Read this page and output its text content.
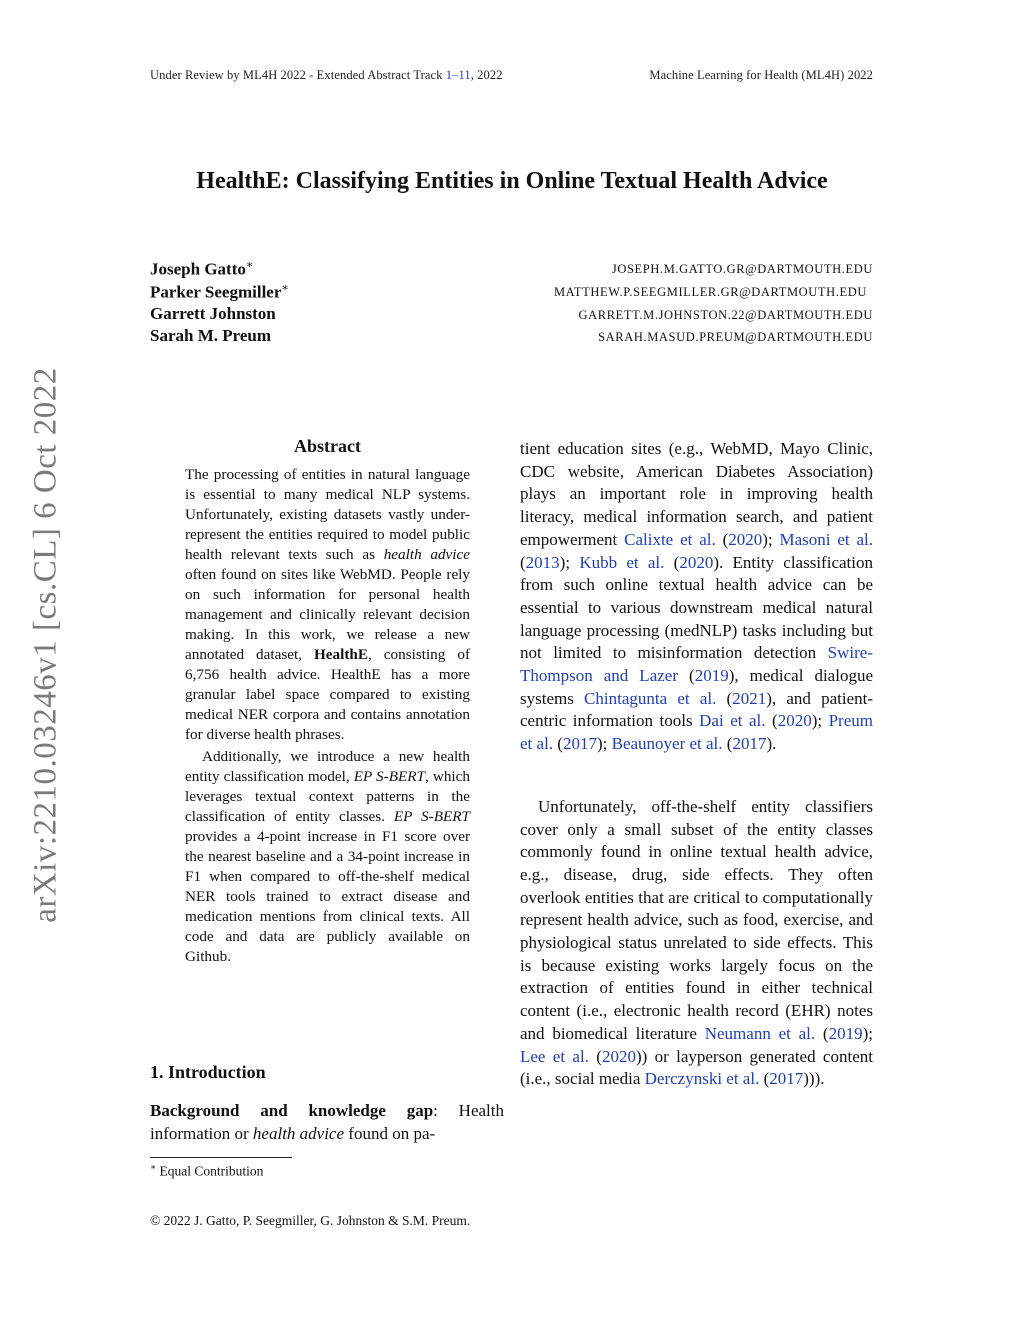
Under Review by ML4H 2022 - Extended Abstract Track 1–11, 2022	Machine Learning for Health (ML4H) 2022
HealthE: Classifying Entities in Online Textual Health Advice
Joseph Gatto∗	JOSEPH.M.GATTO.GR@DARTMOUTH.EDU
Parker Seegmiller∗	MATTHEW.P.SEEGMILLER.GR@DARTMOUTH.EDU
Garrett Johnston	GARRETT.M.JOHNSTON.22@DARTMOUTH.EDU
Sarah M. Preum	SARAH.MASUD.PREUM@DARTMOUTH.EDU
arXiv:2210.03246v1 [cs.CL] 6 Oct 2022	Abstract

The processing of entities in natural language is essential to many medical NLP systems. Unfortunately, existing datasets vastly under-represent the entities required to model public health relevant texts such as health advice often found on sites like WebMD. People rely on such information for personal health management and clinically relevant decision making. In this work, we release a new annotated dataset, HealthE, consisting of 6,756 health advice. HealthE has a more granular label space compared to existing medical NER corpora and contains annotation for diverse health phrases.

Additionally, we introduce a new health entity classification model, EP S-BERT, which leverages textual context patterns in the classification of entity classes. EP S-BERT provides a 4-point increase in F1 score over the nearest baseline and a 34-point increase in F1 when compared to off-the-shelf medical NER tools trained to extract disease and medication mentions from clinical texts. All code and data are publicly available on Github.

1. Introduction

Background and knowledge gap: Health information or health advice found on pa-

tient education sites (e.g., WebMD, Mayo Clinic, CDC website, American Diabetes Association) plays an important role in improving health literacy, medical information search, and patient empowerment Calixte et al. (2020); Masoni et al. (2013); Kubb et al. (2020). Entity classification from such online textual health advice can be essential to various downstream medical natural language processing (medNLP) tasks including but not limited to misinformation detection Swire-Thompson and Lazer (2019), medical dialogue systems Chintagunta et al. (2021), and patient-centric information tools Dai et al. (2020); Preum et al. (2017); Beaunoyer et al. (2017).

Unfortunately, off-the-shelf entity classifiers cover only a small subset of the entity classes commonly found in online textual health advice, e.g., disease, drug, side effects. They often overlook entities that are critical to computationally represent health advice, such as food, exercise, and physiological status unrelated to side effects. This is because existing works largely focus on the extraction of entities found in either technical content (i.e., electronic health record (EHR) notes and biomedical literature Neumann et al. (2019); Lee et al. (2020)) or layperson generated content (i.e., social media Derczynski et al. (2017))).

∗ Equal Contribution
© 2022 J. Gatto, P. Seegmiller, G. Johnston & S.M. Preum.
